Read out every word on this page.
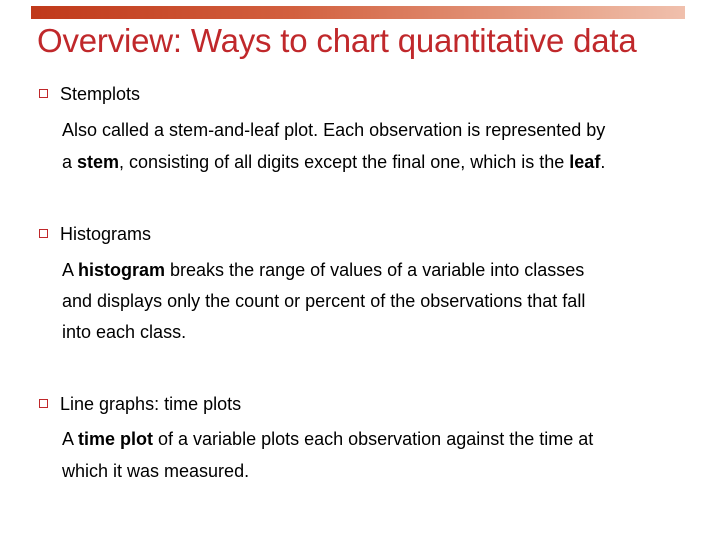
Overview: Ways to chart quantitative data
Stemplots
Also called a stem-and-leaf plot. Each observation is represented by
a stem, consisting of all digits except the final one, which is the leaf.
Histograms
A histogram breaks the range of values of a variable into classes
and displays only the count or percent of the observations that fall
into each class.
Line graphs: time plots
A time plot of a variable plots each observation against the time at
which it was measured.
